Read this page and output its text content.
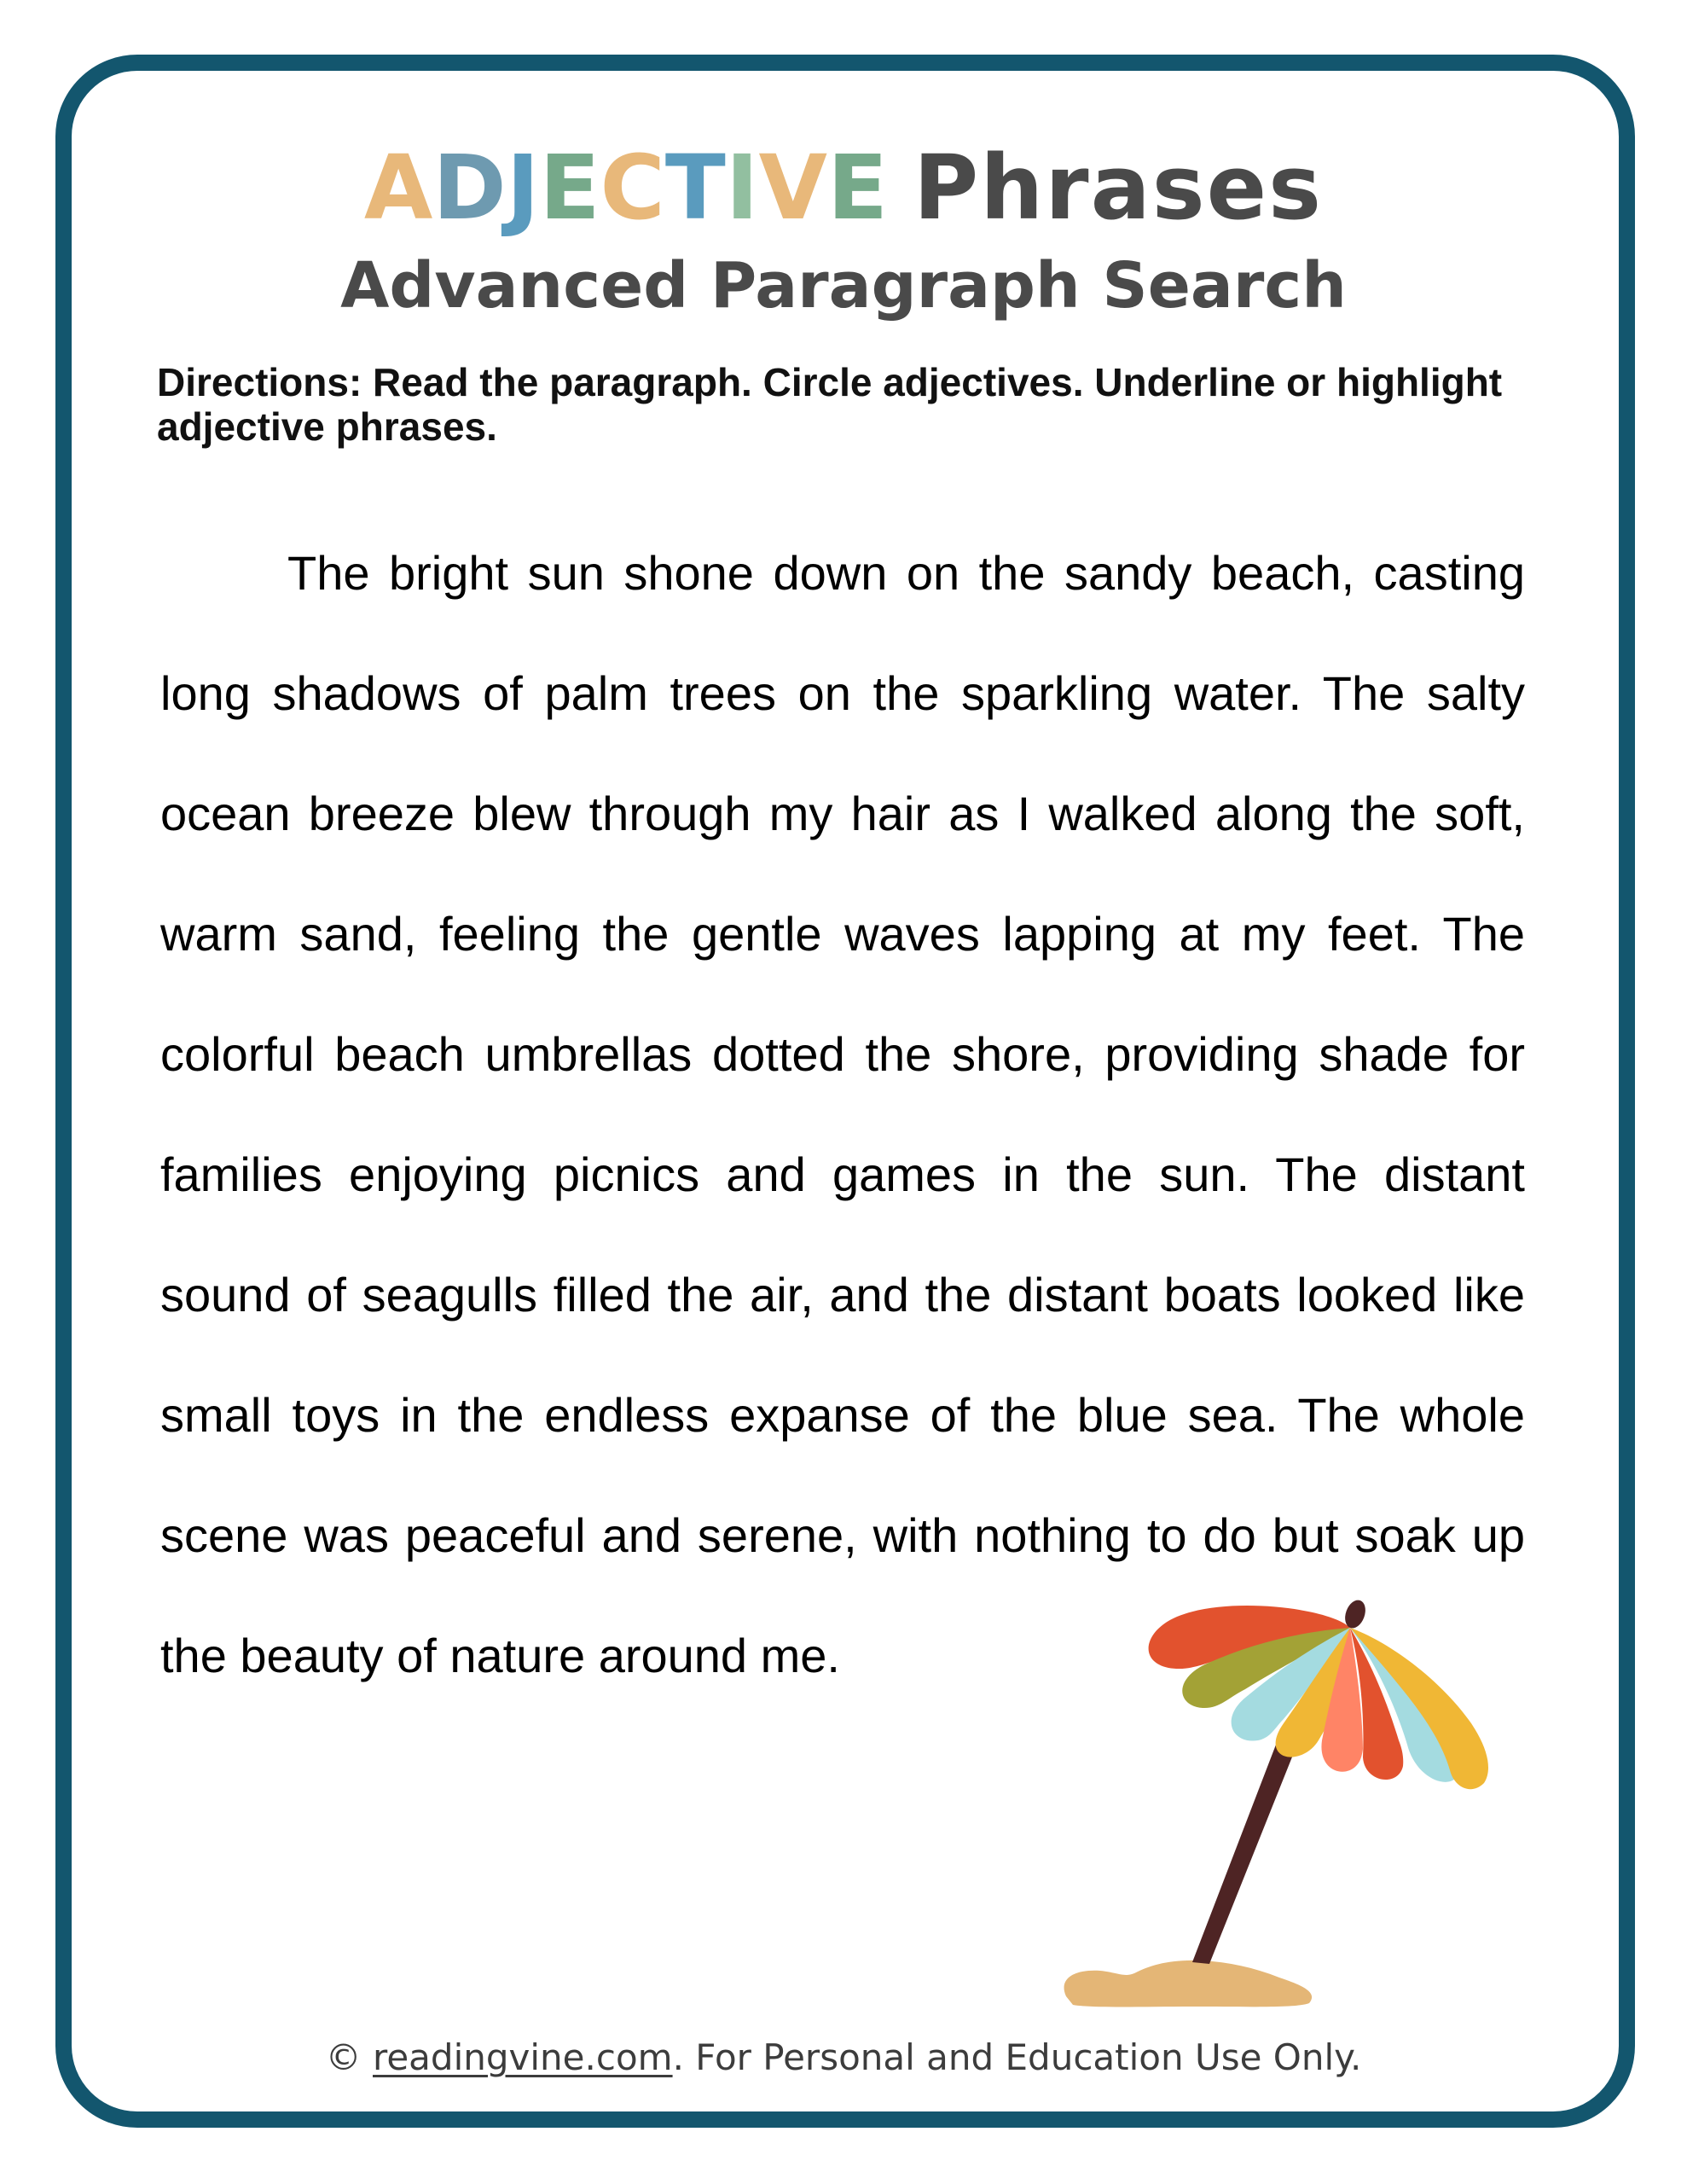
ADJECTIVE Phrases
Advanced Paragraph Search
Directions: Read the paragraph. Circle adjectives. Underline or highlight adjective phrases.

The bright sun shone down on the sandy beach, casting long shadows of palm trees on the sparkling water. The salty ocean breeze blew through my hair as I walked along the soft, warm sand, feeling the gentle waves lapping at my feet. The colorful beach umbrellas dotted the shore, providing shade for families enjoying picnics and games in the sun. The distant sound of seagulls filled the air, and the distant boats looked like small toys in the endless expanse of the blue sea. The whole scene was peaceful and serene, with nothing to do but soak up the beauty of nature around me.

© readingvine.com. For Personal and Education Use Only.
